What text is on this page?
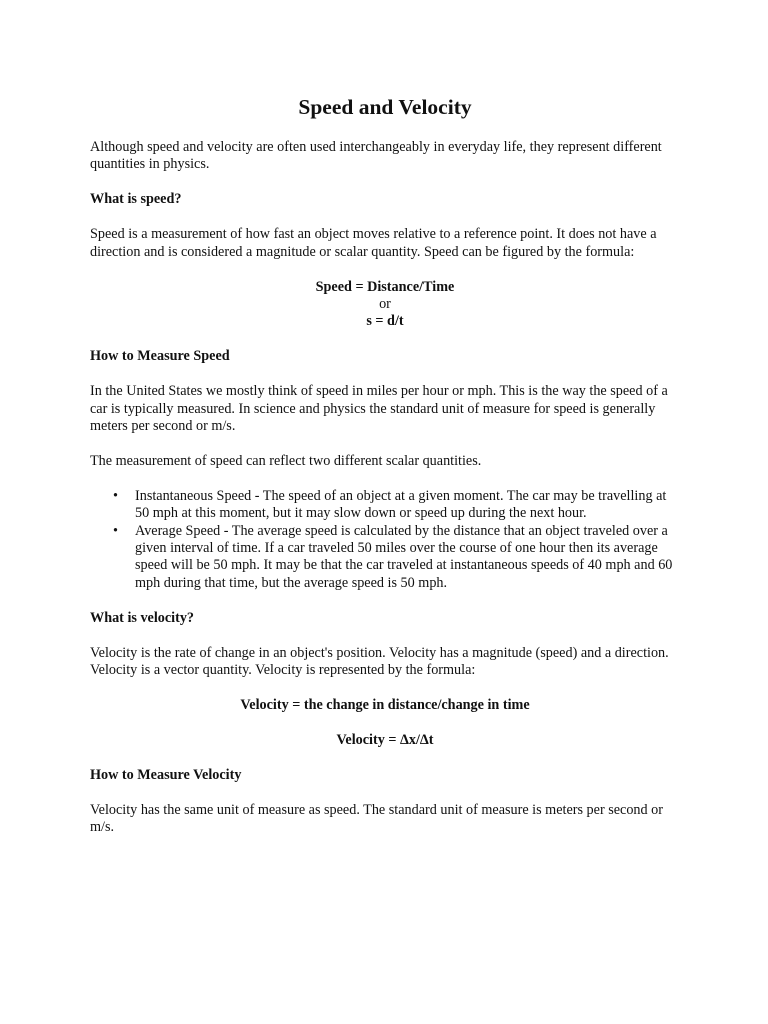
Speed and Velocity

Although speed and velocity are often used interchangeably in everyday life, they represent different quantities in physics.

What is speed?

Speed is a measurement of how fast an object moves relative to a reference point. It does not have a direction and is considered a magnitude or scalar quantity. Speed can be figured by the formula:

Speed = Distance/Time
or
s = d/t

How to Measure Speed

In the United States we mostly think of speed in miles per hour or mph. This is the way the speed of a car is typically measured. In science and physics the standard unit of measure for speed is generally meters per second or m/s.

The measurement of speed can reflect two different scalar quantities.

• Instantaneous Speed - The speed of an object at a given moment. The car may be travelling at 50 mph at this moment, but it may slow down or speed up during the next hour.
• Average Speed - The average speed is calculated by the distance that an object traveled over a given interval of time. If a car traveled 50 miles over the course of one hour then its average speed will be 50 mph. It may be that the car traveled at instantaneous speeds of 40 mph and 60 mph during that time, but the average speed is 50 mph.

What is velocity?

Velocity is the rate of change in an object's position. Velocity has a magnitude (speed) and a direction. Velocity is a vector quantity. Velocity is represented by the formula:

Velocity = the change in distance/change in time

Velocity = Δx/Δt

How to Measure Velocity

Velocity has the same unit of measure as speed. The standard unit of measure is meters per second or m/s.
